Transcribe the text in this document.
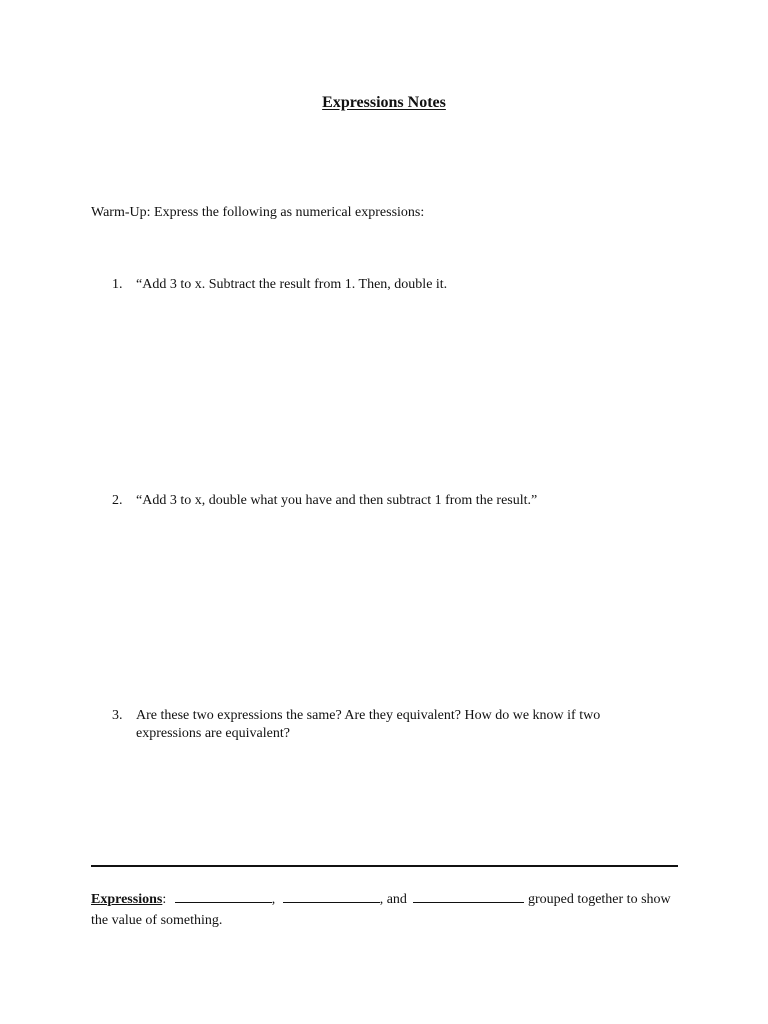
Expressions Notes
Warm-Up: Express the following as numerical expressions:
1. “Add 3 to x. Subtract the result from 1. Then, double it.
2. “Add 3 to x, double what you have and then subtract 1 from the result.”
3. Are these two expressions the same? Are they equivalent? How do we know if two expressions are equivalent?
Expressions:	,	, and	grouped together to show the value of something.
